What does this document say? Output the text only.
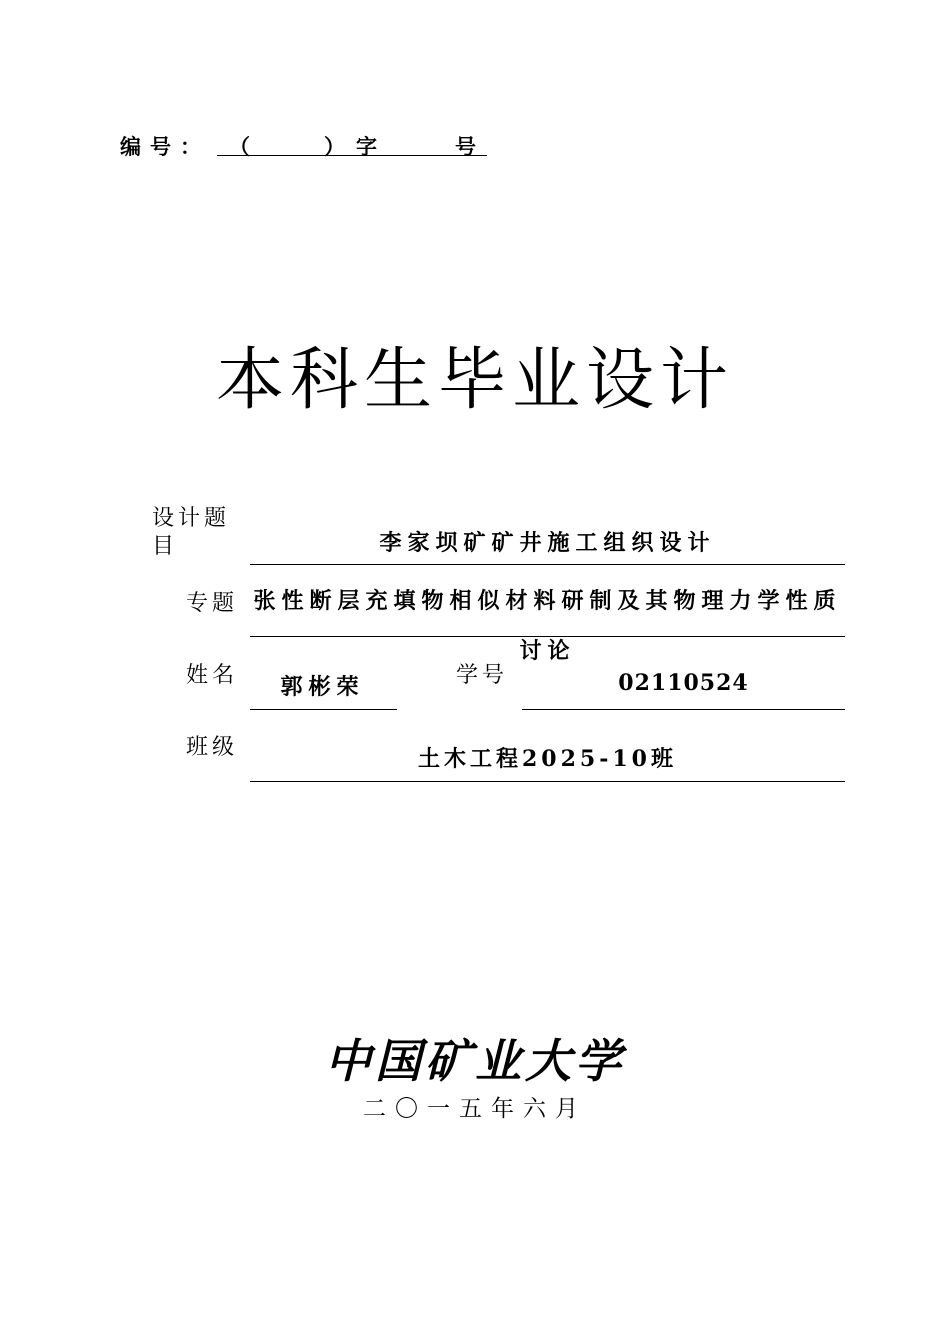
编号： （	） 字	号
本科生毕业设计
设计题目	李家坝矿矿井施工组织设计
专题 张性断层充填物相似材料研制及其物理力学性质讨论
姓名	郭彬荣	学号	02110524
班级	土木工程2025-10班
中国矿业大学
二〇一五年六月
